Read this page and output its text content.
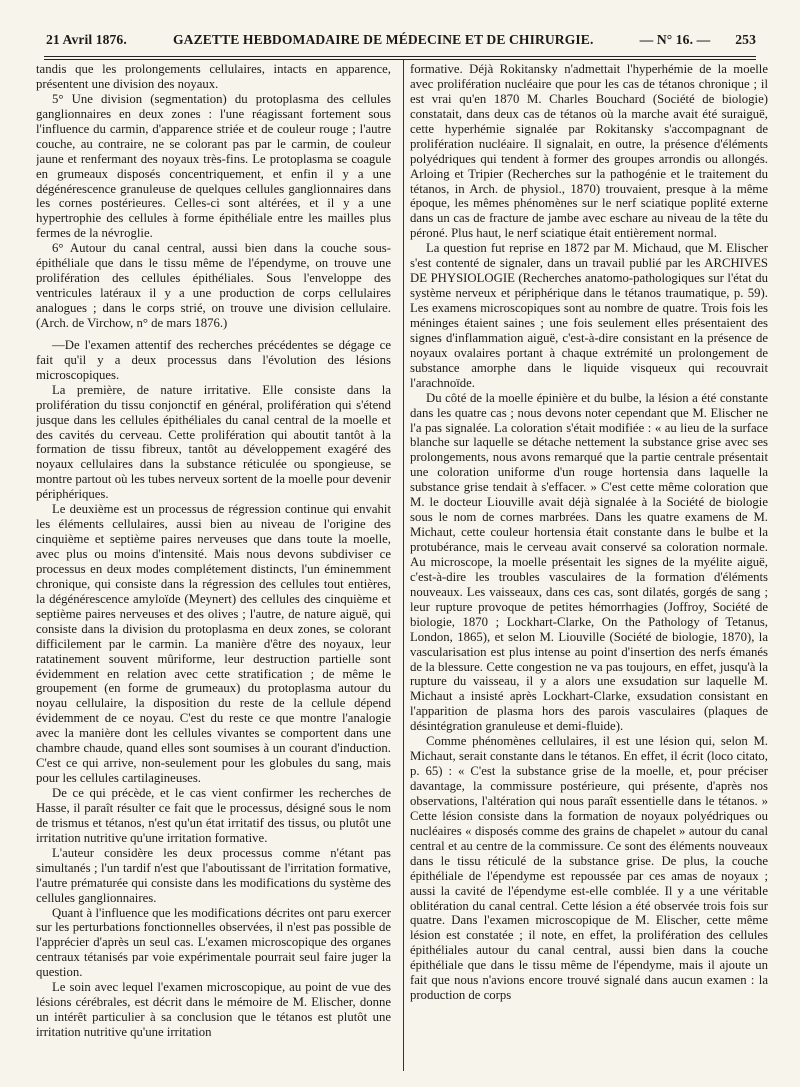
21 Avril 1876.	GAZETTE HEBDOMADAIRE DE MÉDECINE ET DE CHIRURGIE.	— N° 16. — 253

tandis que les prolongements cellulaires, intacts en apparence, présentent une division des noyaux.

5° Une division (segmentation) du protoplasma des cellules ganglionnaires en deux zones : l'une réagissant fortement sous l'influence du carmin, d'apparence striée et de couleur rouge ; l'autre couche, au contraire, ne se colorant pas par le carmin, de couleur jaune et renfermant des noyaux très-fins. Le protoplasma se coagule en grumeaux disposés concentriquement, et enfin il y a une dégénérescence granuleuse de quelques cellules ganglionnaires dans les cornes postérieures. Celles-ci sont altérées, et il y a une hypertrophie des cellules à forme épithéliale entre les mailles plus fermes de la névroglie.

6° Autour du canal central, aussi bien dans la couche sous-épithéliale que dans le tissu même de l'épendyme, on trouve une prolifération des cellules épithéliales. Sous l'enveloppe des ventricules latéraux il y a une production de corps cellulaires analogues ; dans le corps strié, on trouve une division cellulaire. (Arch. de Virchow, n° de mars 1876.)

—De l'examen attentif des recherches précédentes se dégage ce fait qu'il y a deux processus dans l'évolution des lésions microscopiques.

La première, de nature irritative. Elle consiste dans la prolifération du tissu conjonctif en général, prolifération qui s'étend jusque dans les cellules épithéliales du canal central de la moelle et des cavités du cerveau. Cette prolifération qui aboutit tantôt à la formation de tissu fibreux, tantôt au développement exagéré des noyaux cellulaires dans la substance réticulée ou spongieuse, se montre partout où les tubes nerveux sortent de la moelle pour devenir périphériques.

Le deuxième est un processus de régression continue qui envahit les éléments cellulaires, aussi bien au niveau de l'origine des cinquième et septième paires nerveuses que dans toute la moelle, avec plus ou moins d'intensité. Mais nous devons subdiviser ce processus en deux modes complétement distincts, l'un éminemment chronique, qui consiste dans la régression des cellules tout entières, la dégénérescence amyloïde (Meynert) des cellules des cinquième et septième paires nerveuses et des olives ; l'autre, de nature aiguë, qui consiste dans la division du protoplasma en deux zones, se colorant difficilement par le carmin. La manière d'être des noyaux, leur ratatinement souvent mûriforme, leur destruction partielle sont évidemment en relation avec cette stratification ; de même le groupement (en forme de grumeaux) du protoplasma autour du noyau cellulaire, la disposition du reste de la cellule dépend évidemment de ce noyau. C'est du reste ce que montre l'analogie avec la manière dont les cellules vivantes se comportent dans une chambre chaude, quand elles sont soumises à un courant d'induction. C'est ce qui arrive, non-seulement pour les globules du sang, mais pour les cellules cartilagineuses.

De ce qui précède, et le cas vient confirmer les recherches de Hasse, il paraît résulter ce fait que le processus, désigné sous le nom de trismus et tétanos, n'est qu'un état irritatif des tissus, ou plutôt une irritation nutritive qu'une irritation formative.

L'auteur considère les deux processus comme n'étant pas simultanés ; l'un tardif n'est que l'aboutissant de l'irritation formative, l'autre prématurée qui consiste dans les modifications du système des cellules ganglionnaires.

Quant à l'influence que les modifications décrites ont paru exercer sur les perturbations fonctionnelles observées, il n'est pas possible de l'apprécier d'après un seul cas. L'examen microscopique des organes centraux tétanisés par voie expérimentale pourrait seul faire juger la question.

Le soin avec lequel l'examen microscopique, au point de vue des lésions cérébrales, est décrit dans le mémoire de M. Elischer, donne un intérêt particulier à sa conclusion que le tétanos est plutôt une irritation nutritive qu'une irritation

formative. Déjà Rokitansky n'admettait l'hyperhémie de la moelle avec prolifération nucléaire que pour les cas de tétanos chronique ; il est vrai qu'en 1870 M. Charles Bouchard (Société de biologie) constatait, dans deux cas de tétanos où la marche avait été suraiguë, cette hyperhémie signalée par Rokitansky s'accompagnant de prolifération nucléaire. Il signalait, en outre, la présence d'éléments polyédriques qui tendent à former des groupes arrondis ou allongés. Arloing et Tripier (Recherches sur la pathogénie et le traitement du tétanos, in Arch. de physiol., 1870) trouvaient, presque à la même époque, les mêmes phénomènes sur le nerf sciatique poplité externe dans un cas de fracture de jambe avec eschare au niveau de la tête du péroné. Plus haut, le nerf sciatique était entièrement normal.

La question fut reprise en 1872 par M. Michaud, que M. Elischer s'est contenté de signaler, dans un travail publié par les ARCHIVES DE PHYSIOLOGIE (Recherches anatomo-pathologiques sur l'état du système nerveux et périphérique dans le tétanos traumatique, p. 59). Les examens microscopiques sont au nombre de quatre. Trois fois les méninges étaient saines ; une fois seulement elles présentaient des signes d'inflammation aiguë, c'est-à-dire consistant en la présence de noyaux ovalaires portant à chaque extrémité un prolongement de substance amorphe dans le liquide visqueux qui recouvrait l'arachnoïde.

Du côté de la moelle épinière et du bulbe, la lésion a été constante dans les quatre cas ; nous devons noter cependant que M. Elischer ne l'a pas signalée. La coloration s'était modifiée : « au lieu de la surface blanche sur laquelle se détache nettement la substance grise avec ses prolongements, nous avons remarqué que la partie centrale présentait une coloration uniforme d'un rouge hortensia dans laquelle la substance grise tendait à s'effacer. » C'est cette même coloration que M. le docteur Liouville avait déjà signalée à la Société de biologie sous le nom de cornes marbrées. Dans les quatre examens de M. Michaut, cette couleur hortensia était constante dans le bulbe et la protubérance, mais le cerveau avait conservé sa coloration normale. Au microscope, la moelle présentait les signes de la myélite aiguë, c'est-à-dire les troubles vasculaires de la formation d'éléments nouveaux. Les vaisseaux, dans ces cas, sont dilatés, gorgés de sang ; leur rupture provoque de petites hémorrhagies (Joffroy, Société de biologie, 1870 ; Lockhart-Clarke, On the Pathology of Tetanus, London, 1865), et selon M. Liouville (Société de biologie, 1870), la vascularisation est plus intense au point d'insertion des nerfs émanés de la blessure. Cette congestion ne va pas toujours, en effet, jusqu'à la rupture du vaisseau, il y a alors une exsudation sur laquelle M. Michaut a insisté après Lockhart-Clarke, exsudation consistant en l'apparition de plasma hors des parois vasculaires (plaques de désintégration granuleuse et demi-fluide).

Comme phénomènes cellulaires, il est une lésion qui, selon M. Michaut, serait constante dans le tétanos. En effet, il écrit (loco citato, p. 65) : « C'est la substance grise de la moelle, et, pour préciser davantage, la commissure postérieure, qui présente, d'après nos observations, l'altération qui nous paraît essentielle dans le tétanos. » Cette lésion consiste dans la formation de noyaux polyédriques ou nucléaires « disposés comme des grains de chapelet » autour du canal central et au centre de la commissure. Ce sont des éléments nouveaux dans le tissu réticulé de la substance grise. De plus, la couche épithéliale de l'épendyme est repoussée par ces amas de noyaux ; aussi la cavité de l'épendyme est-elle comblée. Il y a une véritable oblitération du canal central. Cette lésion a été observée trois fois sur quatre. Dans l'examen microscopique de M. Elischer, cette même lésion est constatée ; il note, en effet, la prolifération des cellules épithéliales autour du canal central, aussi bien dans la couche épithéliale que dans le tissu même de l'épendyme, mais il ajoute un fait que nous n'avions encore trouvé signalé dans aucun examen : la production de corps
